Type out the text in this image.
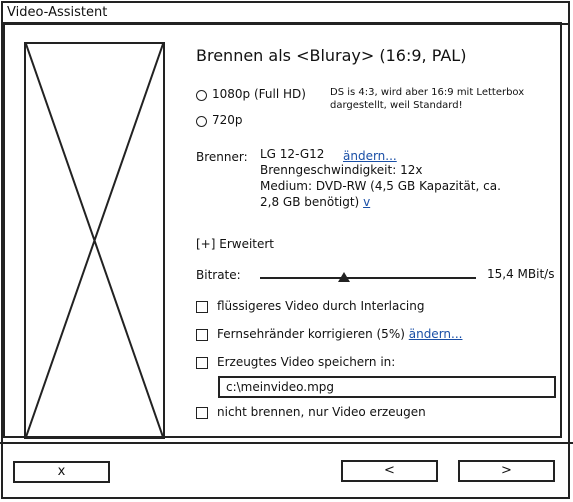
Video-Assistent
Brennen als <Bluray> (16:9, PAL)
1080p (Full HD)
720p
DS is 4:3, wird aber 16:9 mit Letterbox
dargestellt, weil Standard!
Brenner: LG 12-G12 ändern...
Brenngeschwindigkeit: 12x
Medium: DVD-RW (4,5 GB Kapazität, ca.
2,8 GB benötigt) v
[+] Erweitert
Bitrate:	15,4 MBit/s
flüssigeres Video durch Interlacing
Fernsehränder korrigieren (5%) ändern...
Erzeugtes Video speichern in:
c:\meinvideo.mpg
nicht brennen, nur Video erzeugen
x	<	>
